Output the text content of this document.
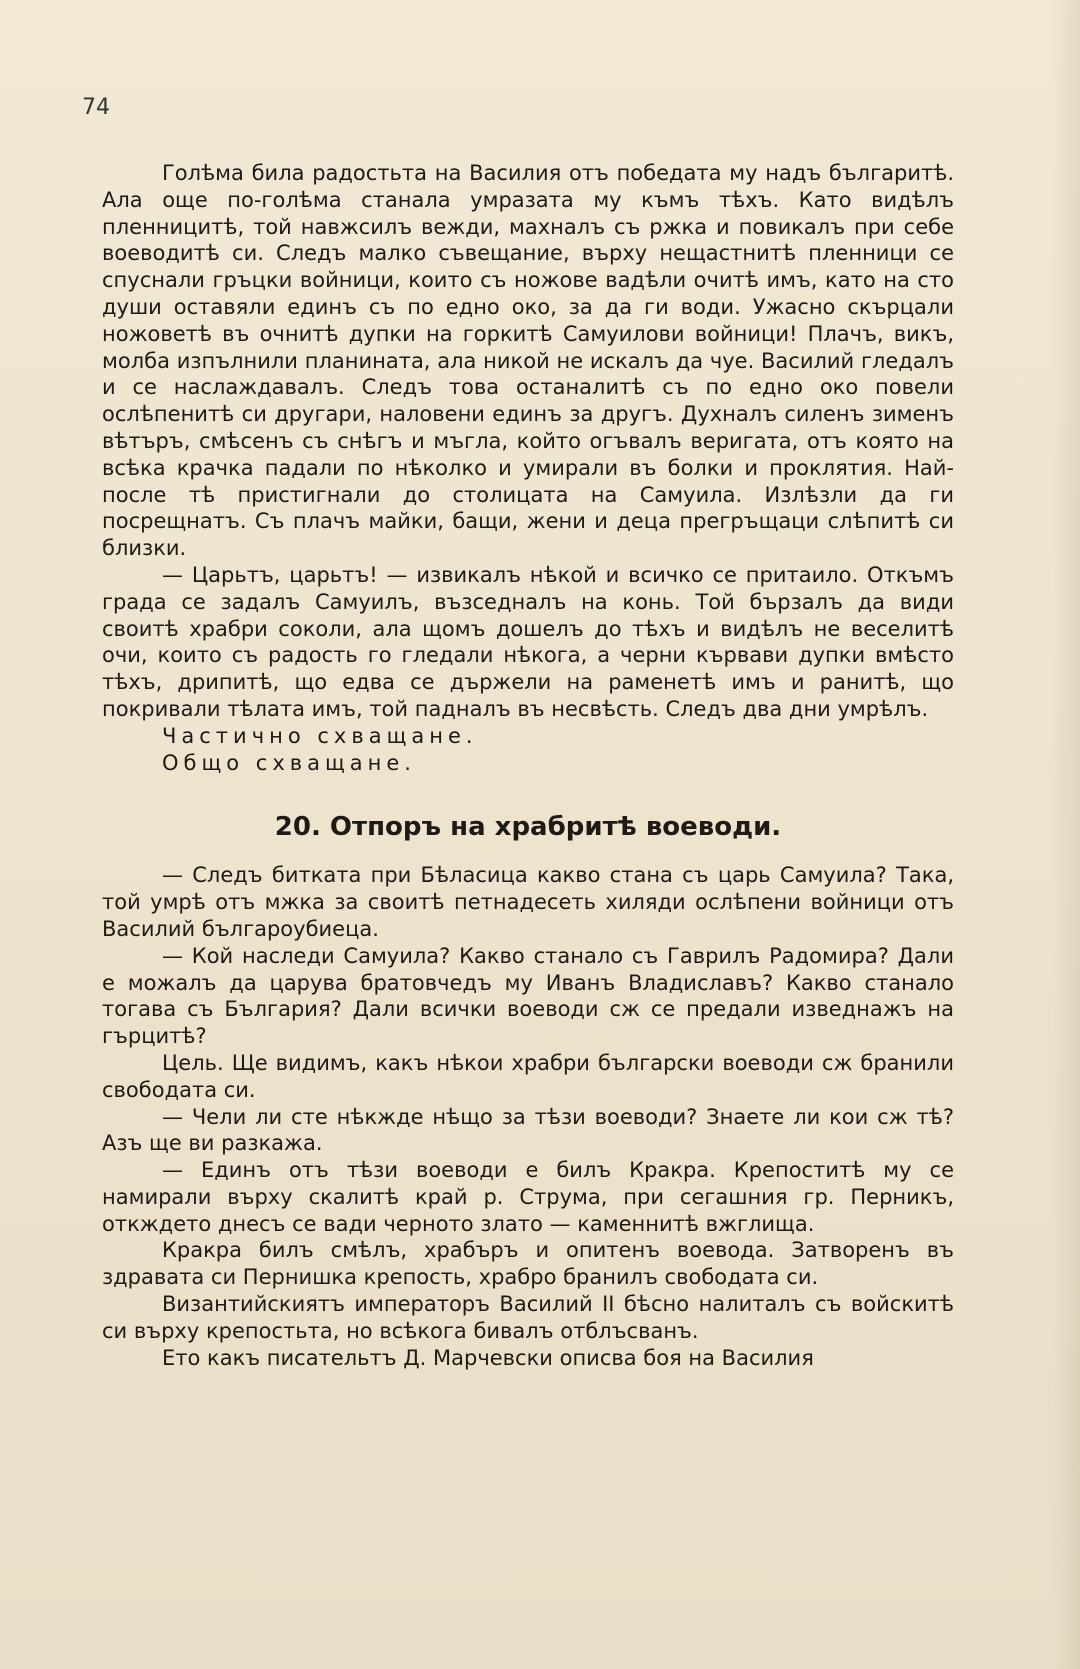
74

Голѣма била радостьта на Василия отъ победата му надъ българитѣ. Ала още по-голѣма станала умразата му къмъ тѣхъ. Като видѣлъ пленницитѣ, той навжсилъ вежди, махналъ съ ржка и повикалъ при себе воеводитѣ си. Следъ малко съвещание, върху нещастнитѣ пленници се спуснали гръцки войници, които съ ножове вадѣли очитѣ имъ, като на сто души оставяли единъ съ по едно око, за да ги води. Ужасно скърцали ножоветѣ въ очнитѣ дупки на горкитѣ Самуилови войници! Плачъ, викъ, молба изпълнили планината, ала никой не искалъ да чуе. Василий гледалъ и се наслаждавалъ. Следъ това останалитѣ съ по едно око повели ослѣпенитѣ си другари, наловени единъ за другъ. Духналъ силенъ зименъ вѣтъръ, смѣсенъ съ снѣгъ и мъгла, който огъвалъ веригата, отъ която на всѣка крачка падали по нѣколко и умирали въ болки и проклятия. Най-после тѣ пристигнали до столицата на Самуила. Излѣзли да ги посрещнатъ. Съ плачъ майки, бащи, жени и деца прегръщаци слѣпитѣ си близки.

— Царьтъ, царьтъ! — извикалъ нѣкой и всичко се притаило. Откъмъ града се задалъ Самуилъ, възседналъ на конь. Той бързалъ да види своитѣ храбри соколи, ала щомъ дошелъ до тѣхъ и видѣлъ не веселитѣ очи, които съ радость го гледали нѣкога, а черни кървави дупки вмѣсто тѣхъ, дрипитѣ, що едва се държели на раменетѣ имъ и ранитѣ, що покривали тѣлата имъ, той падналъ въ несвѣсть. Следъ два дни умрѣлъ.

Частично схващане.

Общо схващане.

20. Отпоръ на храбритѣ воеводи.

— Следъ битката при Бѣласица какво стана съ царь Самуила? Така, той умрѣ отъ мжка за своитѣ петнадесеть хиляди ослѣпени войници отъ Василий българоубиеца.

— Кой наследи Самуила? Какво станало съ Гаврилъ Радомира? Дали е можалъ да царува братовчедъ му Иванъ Владиславъ? Какво станало тогава съ България? Дали всички воеводи сж се предали изведнажъ на гърцитѣ?

Цель. Ще видимъ, какъ нѣкои храбри български воеводи сж бранили свободата си.

— Чели ли сте нѣкжде нѣщо за тѣзи воеводи? Знаете ли кои сж тѣ? Азъ ще ви разкажа.

— Единъ отъ тѣзи воеводи е билъ Кракра. Крепоститѣ му се намирали върху скалитѣ край р. Струма, при сегашния гр. Перникъ, откждето днесъ се вади черното злато — каменнитѣ вжглища.

Кракра билъ смѣлъ, храбъръ и опитенъ воевода. Затворенъ въ здравата си Пернишка крепость, храбро бранилъ свободата си.

Византийскиятъ императоръ Василий II бѣсно налиталъ съ войскитѣ си върху крепостьта, но всѣкога бивалъ отблъсванъ.

Ето какъ писательтъ Д. Марчевски описва боя на Василия
